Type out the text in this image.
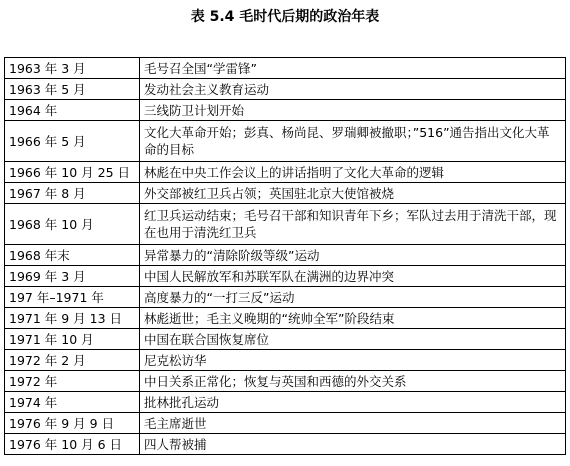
表 5.4 毛时代后期的政治年表
1963 年 3 月	毛号召全国“学雷锋”
1963 年 5 月	发动社会主义教育运动
1964 年	三线防卫计划开始
1966 年 5 月	文化大革命开始；彭真、杨尚昆、罗瑞卿被撤职；”516”通告指出文化大革命的目标
1966 年 10 月 25 日	林彪在中央工作会议上的讲话指明了文化大革命的逻辑
1967 年 8 月	外交部被红卫兵占领；英国驻北京大使馆被烧
1968 年 10 月	红卫兵运动结束；毛号召干部和知识青年下乡；军队过去用于清洗干部，现在也用于清洗红卫兵
1968 年末	异常暴力的“清除阶级等级”运动
1969 年 3 月	中国人民解放军和苏联军队在满洲的边界冲突
197 年–1971 年	高度暴力的“一打三反”运动
1971 年 9 月 13 日	林彪逝世；毛主义晚期的“统帅全军”阶段结束
1971 年 10 月	中国在联合国恢复席位
1972 年 2 月	尼克松访华
1972 年	中日关系正常化；恢复与英国和西德的外交关系
1974 年	批林批孔运动
1976 年 9 月 9 日	毛主席逝世
1976 年 10 月 6 日	四人帮被捕
